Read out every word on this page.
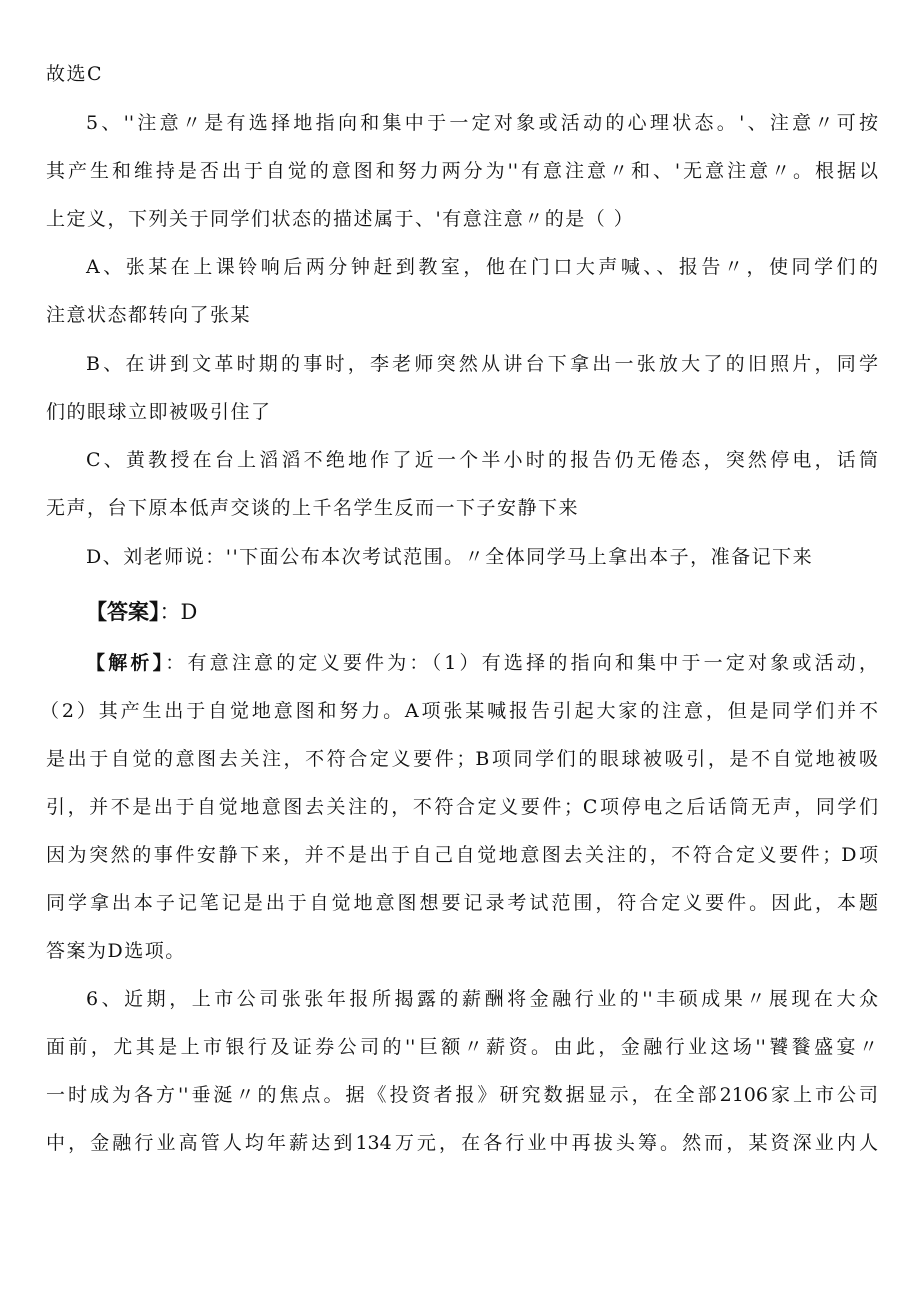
故选C
5、''注意〃是有选择地指向和集中于一定对象或活动的心理状态。'、注意〃可按
其产生和维持是否出于自觉的意图和努力两分为''有意注意〃和、'无意注意〃。根据以
上定义，下列关于同学们状态的描述属于、'有意注意〃的是（ ）
A、张某在上课铃响后两分钟赶到教室，他在门口大声喊、、报告〃，使同学们的
注意状态都转向了张某
B、在讲到文革时期的事时，李老师突然从讲台下拿出一张放大了的旧照片，同学
们的眼球立即被吸引住了
C、黄教授在台上滔滔不绝地作了近一个半小时的报告仍无倦态，突然停电，话筒
无声，台下原本低声交谈的上千名学生反而一下子安静下来
D、刘老师说：''下面公布本次考试范围。〃全体同学马上拿出本子，准备记下来
【答案】：D
【解析】：有意注意的定义要件为：（1）有选择的指向和集中于一定对象或活动，
（2）其产生出于自觉地意图和努力。A项张某喊报告引起大家的注意，但是同学们并不
是出于自觉的意图去关注，不符合定义要件；B项同学们的眼球被吸引，是不自觉地被吸
引，并不是出于自觉地意图去关注的，不符合定义要件；C项停电之后话筒无声，同学们
因为突然的事件安静下来，并不是出于自己自觉地意图去关注的，不符合定义要件；D项
同学拿出本子记笔记是出于自觉地意图想要记录考试范围，符合定义要件。因此，本题
答案为D选项。
6、近期，上市公司张张年报所揭露的薪酬将金融行业的''丰硕成果〃展现在大众
面前，尤其是上市银行及证券公司的''巨额〃薪资。由此，金融行业这场''饕餮盛宴〃
一时成为各方''垂涎〃的焦点。据《投资者报》研究数据显示，在全部2106家上市公司
中，金融行业高管人均年薪达到134万元，在各行业中再拔头筹。然而，某资深业内人
